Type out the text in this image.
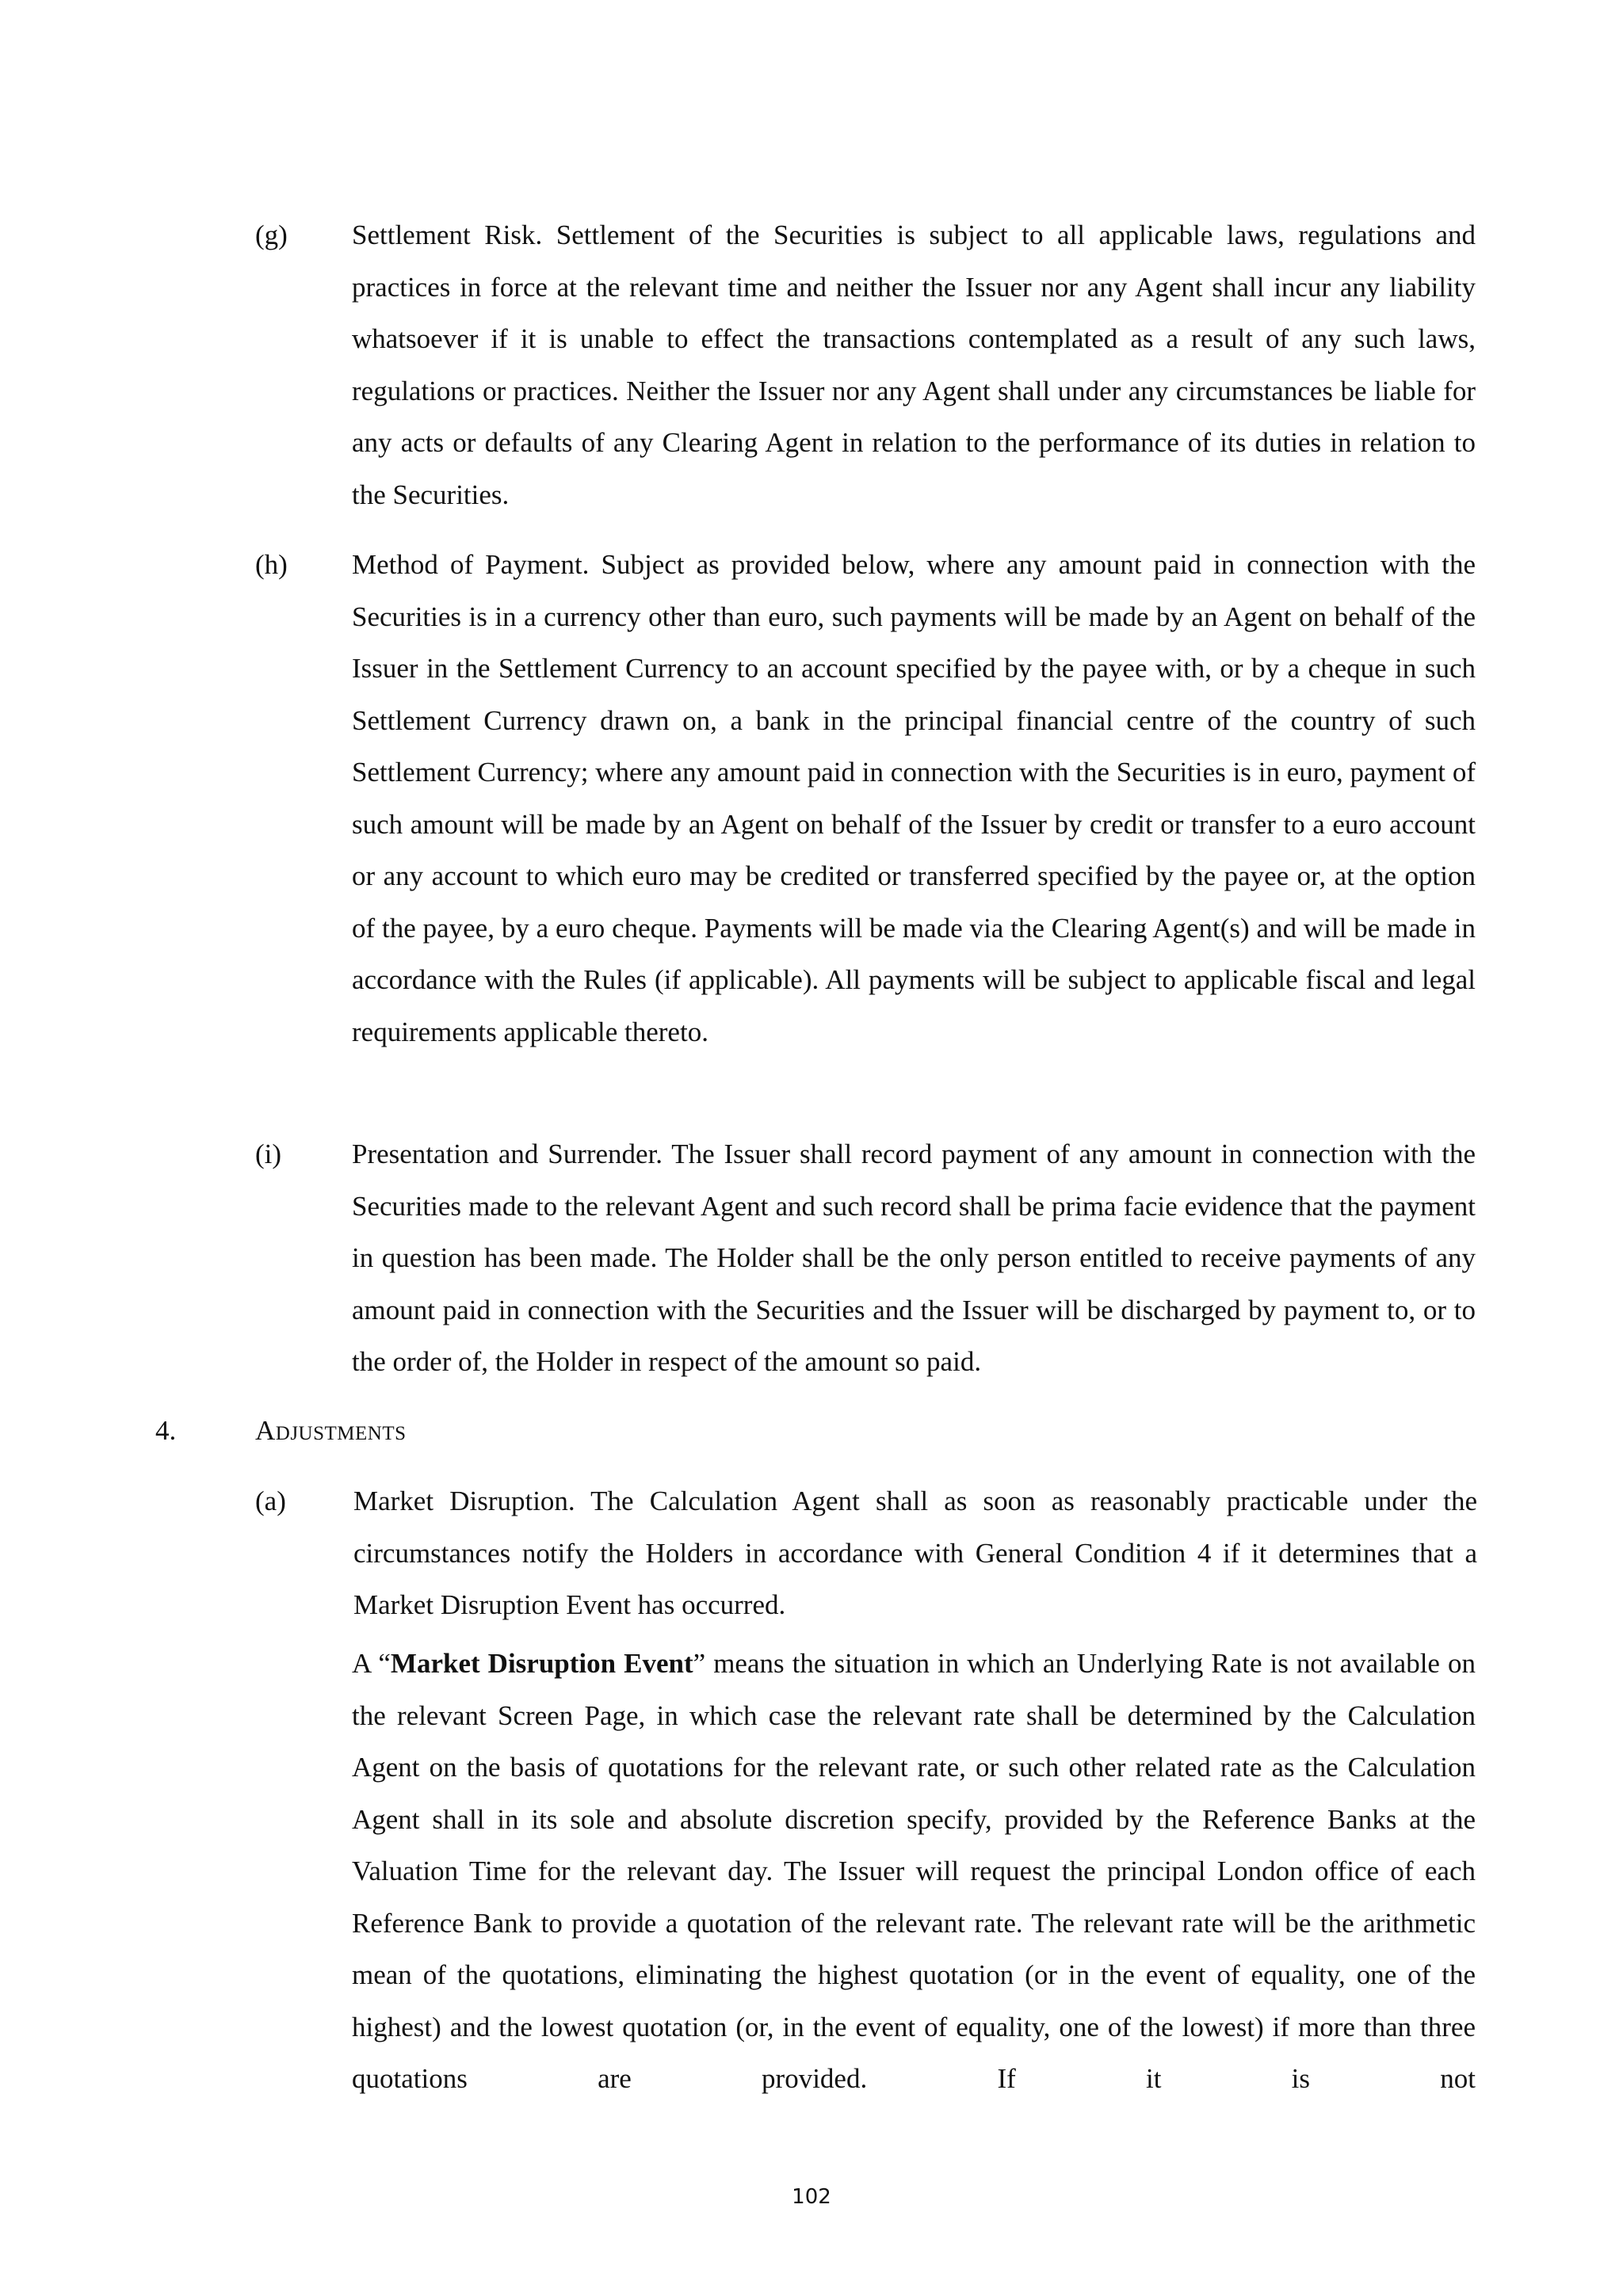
(g) Settlement Risk. Settlement of the Securities is subject to all applicable laws, regulations and practices in force at the relevant time and neither the Issuer nor any Agent shall incur any liability whatsoever if it is unable to effect the transactions contemplated as a result of any such laws, regulations or practices. Neither the Issuer nor any Agent shall under any circumstances be liable for any acts or defaults of any Clearing Agent in relation to the performance of its duties in relation to the Securities.
(h) Method of Payment. Subject as provided below, where any amount paid in connection with the Securities is in a currency other than euro, such payments will be made by an Agent on behalf of the Issuer in the Settlement Currency to an account specified by the payee with, or by a cheque in such Settlement Currency drawn on, a bank in the principal financial centre of the country of such Settlement Currency; where any amount paid in connection with the Securities is in euro, payment of such amount will be made by an Agent on behalf of the Issuer by credit or transfer to a euro account or any account to which euro may be credited or transferred specified by the payee or, at the option of the payee, by a euro cheque. Payments will be made via the Clearing Agent(s) and will be made in accordance with the Rules (if applicable). All payments will be subject to applicable fiscal and legal requirements applicable thereto.
(i)	Presentation and Surrender. The Issuer shall record payment of any amount in connection with the Securities made to the relevant Agent and such record shall be prima facie evidence that the payment in question has been made. The Holder shall be the only person entitled to receive payments of any amount paid in connection with the Securities and the Issuer will be discharged by payment to, or to the order of, the Holder in respect of the amount so paid.
4.	Adjustments
(a) Market Disruption. The Calculation Agent shall as soon as reasonably practicable under the circumstances notify the Holders in accordance with General Condition 4 if it determines that a Market Disruption Event has occurred.
A “Market Disruption Event” means the situation in which an Underlying Rate is not available on the relevant Screen Page, in which case the relevant rate shall be determined by the Calculation Agent on the basis of quotations for the relevant rate, or such other related rate as the Calculation Agent shall in its sole and absolute discretion specify, provided by the Reference Banks at the Valuation Time for the relevant day. The Issuer will request the principal London office of each Reference Bank to provide a quotation of the relevant rate. The relevant rate will be the arithmetic mean of the quotations, eliminating the highest quotation (or in the event of equality, one of the highest) and the lowest quotation (or, in the event of equality, one of the lowest) if more than three quotations are provided. If it is not
102
